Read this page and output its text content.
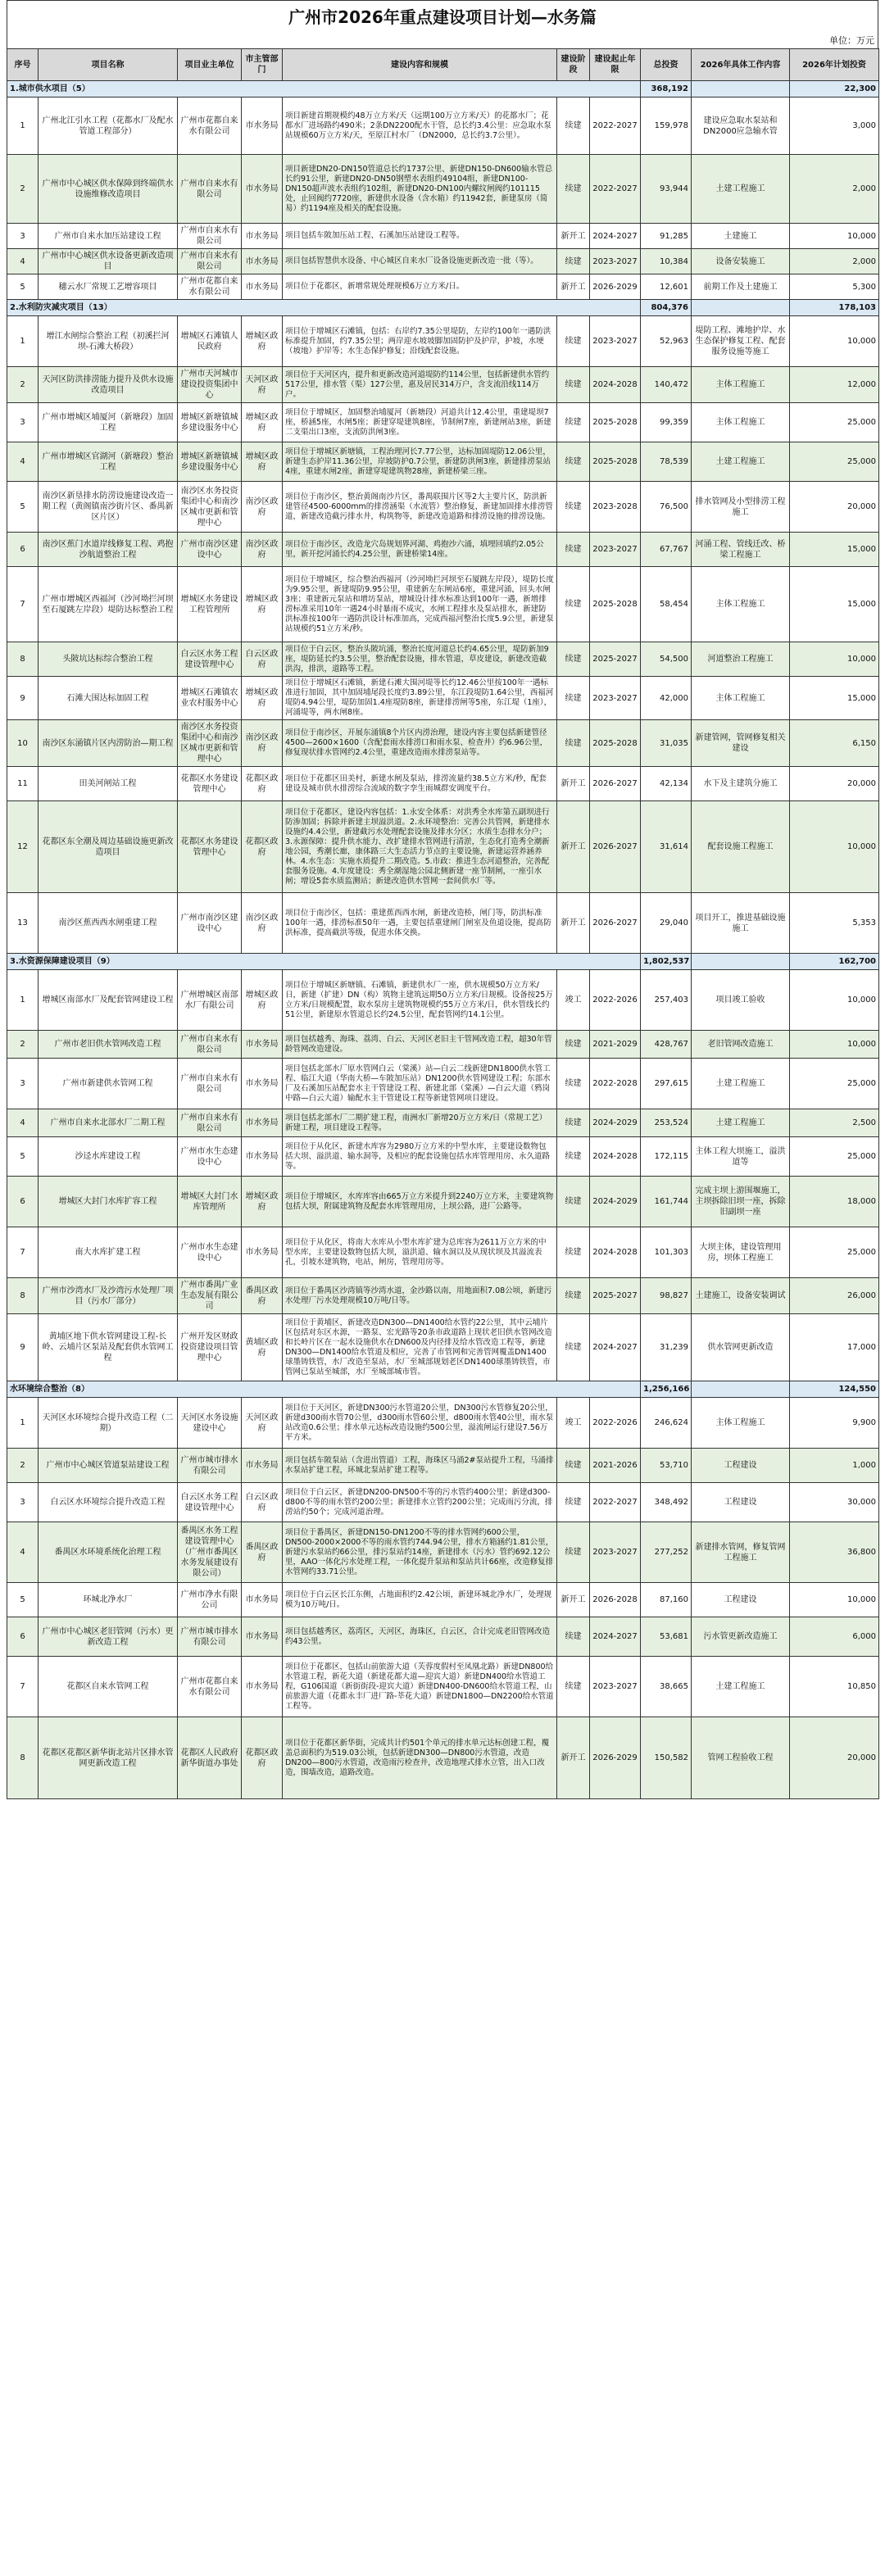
广州市2026年重点建设项目计划—水务篇
单位：万元
序号	项目名称	项目业主单位	市主管部门	建设内容和规模	建设阶段	建设起止年限	总投资	2026年具体工作内容	2026年计划投资
1.城市供水项目（5）							368,192		22,300
1	广州北江引水工程（花都水厂及配水管道工程部分）	广州市花都自来水有限公司	市水务局	项目新建首期规模约48万立方米/天（远期100万立方米/天）的花都水厂；花都水厂进场路约490米；2条DN2200配水干管，总长约3.4公里：应急取水泵站规模60万立方米/天，至原江村水厂（DN2000，总长约3.7公里）。	续建	2022-2027	159,978	建设应急取水泵站和DN2000应急输水管	3,000
2	广州市中心城区供水保障到终端供水设施维修改造项目	广州市自来水有限公司	市水务局	项目新建DN20-DN150管道总长约1737公里、新建DN150-DN600输水管总长约91公里，新建DN20-DN50钢塑水表组约49104组，新建DN100-DN150超声波水表组约102组，新建DN20-DN100内螺纹闸阀约101115处，止回阀约7720座，新建供水设备（含水箱）约11942套，新建泵房（简易）约1194座及相关的配套设施。	续建	2022-2027	93,944	土建工程施工	2,000
3	广州市自来水加压站建设工程	广州市自来水有限公司	市水务局	项目包括车陂加压站工程、石溪加压站建设工程等。	新开工	2024-2027	91,285	土建施工	10,000
4	广州市中心城区供水设备更新改造项目	广州市自来水有限公司	市水务局	项目包括智慧供水设备、中心城区自来水厂设备设施更新改造一批（等）。	续建	2023-2027	10,384	设备安装施工	2,000
5	穗云水厂常规工艺增容项目	广州市花都自来水有限公司	市水务局	项目位于花都区，新增常规处理规模6万立方米/日。	新开工	2026-2029	12,601	前期工作及土建施工	5,300
2.水利防灾减灾项目（13）							804,376		178,103
1	增江水闸综合整治工程（初溪拦河坝-石滩大桥段）	增城区石滩镇人民政府	增城区政府	项目位于增城区石滩镇，包括：右岸约7.35公里堤防，左岸约100年一遇防洪标准提升加固，约7.35公里；两岸迎水坡坡脚加固防护及护岸，护坡，水埂（坡地）护岸等；水生态保护修复；沿线配套设施。	续建	2023-2027	52,963	堤防工程、滩地护岸、水生态保护修复工程、配套服务设施等施工	10,000
2	天河区防洪排涝能力提升及供水设施改造项目	广州市天河城市建设投资集团中心	天河区政府	项目位于天河区内，提升和更新改造河道堤防约114公里，包括新建供水管约517公里，排水管（渠）127公里，惠及居民314万户，含支流沿线114万户。	续建	2024-2028	140,472	主体工程施工	12,000
3	广州市增城区埔厦河（新塘段）加固工程	增城区新塘镇城乡建设服务中心	增城区政府	项目位于增城区，加固整治埔厦河（新塘段）河道共计12.4公里，重建堤坝7座，桥涵5座，水闸5座；新建穿堤建筑8座，节制闸7座，新建闸站3座，新建二支渠出口3座，支流防洪闸3座。	续建	2025-2028	99,359	主体工程施工	25,000
4	广州市增城区官湖河（新塘段）整治工程	增城区新塘镇城乡建设服务中心	增城区政府	项目位于增城区新塘镇，工程治理河长7.77公里，达标加固堤防12.06公里，新建生态护岸11.36公里，岸坡防护0.7公里，新建防洪闸3座，新建排涝泵站4座，重建水闸2座，新建穿堤建筑物28座，新建桥梁三座。	续建	2025-2028	78,539	土建工程施工	25,000
5	南沙区新垦排水防涝设施建设改造一期工程（黄阁镇南沙街片区、番禺新区片区）	南沙区水务投资集团中心和南沙区城市更新和管理中心	南沙区政府	项目位于南沙区，整治黄阁南沙片区，番禺联围片区等2大主要片区，防洪新建管径4500-6000mm的排涝涵渠（水流管）整治修复，新建加固排水排涝管道，新建改造截污排水井，构筑物等，新建改造道路和排涝设施的排涝设施。	续建	2023-2028	76,500	排水管网及小型排涝工程施工	20,000
6	南沙区蕉门水道岸线修复工程、鸡抱沙航道整治工程	广州市南沙区建设中心	南沙区政府	项目位于南沙区，改造龙穴岛规划界河湖、鸡抱沙六涌，填埋回填约2.05公里，新开挖河涌长约4.25公里，新建桥梁14座。	续建	2023-2027	67,767	河涌工程、管线迁改、桥梁工程施工	15,000
7	广州市增城区西福河（沙河坳拦河坝至石厦跳左岸段）堤防达标整治工程	增城区水务建设工程管理所	增城区政府	项目位于增城区，综合整治西福河（沙河坳拦河坝至石厦跳左岸段），堤防长度为9.95公里，新建堤防9.95公里，重建新左东闸站6座，重建河涌，回头水闸3座；重建新元泵站和增坊泵站，增城设计排水标准达到100年一遇，新增排涝标准采用10年一遇24小时暴雨不成灾，水闸工程排水及泵站排水，新建防洪标准按100年一遇防洪设计标准加高，完成西福河整治长度5.9公里，新建泵站规模约51立方米/秒。	续建	2025-2028	58,454	主体工程施工	15,000
8	头陂坑达标综合整治工程	白云区水务工程建设管理中心	白云区政府	项目位于白云区，整治头陂坑涌，整治长度河道总长约4.65公里，堤防新加9座，堤防延长约3.5公里，整治配套设施，排水管道，草皮建设，新建改造截洪沟，排洪，道路等工程。	续建	2025-2027	54,500	河道整治工程施工	10,000
9	石滩大围达标加固工程	增城区石滩镇农业农村服务中心	增城区政府	项目位于增城区石滩镇，新建石滩大围河堤等长约12.46公里按100年一遇标准进行加固，其中加固埔尾段长度约3.89公里，东江段堤防1.64公里，西福河堤防4.94公里，堤防加固1.4座堤防8座，新建排涝闸等5座，东江堤（1座），河涌堤等，两水闸8座。	续建	2023-2027	42,000	主体工程施工	15,000
10	南沙区东涌镇片区内涝防治—期工程	南沙区水务投资集团中心和南沙区城市更新和管理中心	南沙区政府	项目位于南沙区，开展东涌镇8个片区内涝治理，建设内容主要包括新建管径4500—2600×1600（含配套雨水排涝口和雨水泵、检查井）约6.96公里，修复现状排水管网约2.4公里，重建改造雨水排涝泵站等。	续建	2025-2028	31,035	新建管网，管网修复相关建设	6,150
11	田美河闸站工程	花都区水务建设管理中心	花都区政府	项目位于花都区田美村，新建水闸及泵站，排涝流量约38.5立方米/秒，配套建设及城市供水排涝综合流域的数字孪生雨城群安调度平台。	新开工	2026-2027	42,134	水下及主建筑分施工	20,000
12	花都区东全潮及周边基础设施更新改造项目	花都区水务建设管理中心	花都区政府	项目位于花都区，建设内容包括：1.永安全体系：对洪秀全水库第五副坝进行防渗加固；拆除并新建主坝溢洪道。2.永环境整治：完善公共管网，新建排水设施约4.4公里，新建截污水处理配套设施及排水分区；水质生态排水分户；3.永源保障：提升供水能力、改扩建排水管网进行清淤，生态化打造秀全潮新地公园，秀潮长廊，康体路三大生态活力节点的主要设施，新建运营养涵养林。4.水生态：实施水质提升二期改造。5.市政：推进生态河道整治，完善配套服务设施。4.年度建设：秀全潮湿地公园北侧新建一座节制闸，一座引水闸；增设5套水质监测站；新建改造供水管网一套间供水厂等。	新开工	2026-2027	31,614	配套设施工程施工	10,000
13	南沙区蕉西西水闸重建工程	广州市南沙区建设中心	南沙区政府	项目位于南沙区，包括：重建蕉西西水闸，新建改造桥，闸门等，防洪标准100年一遇，排涝标准50年一遇，主要包括重建闸门闸室及鱼道设施，提高防洪标准，提高截洪等级，促进水体交换。	新开工	2026-2027	29,040	项目开工，推进基础设施施工	5,353
3.水资源保障建设项目（9）							1,802,537		162,700
1	增城区南部水厂及配套管网建设工程	广州增城区南部水厂有限公司	增城区政府	项目位于增城区新塘镇、石滩镇，新建供水厂一座，供水规模50万立方米/日，新建（扩建）DN（构）筑物主建筑远期50万立方米/日规模。设备按25万立方米/日规模配置，取水泵房主建筑物规模约55万立方米/日，供水管线长约51公里，新建原水管道总长约24.5公里，配套管网约14.1公里。	竣工	2022-2026	257,403	项目竣工验收	10,000
2	广州市老旧供水管网改造工程	广州市自来水有限公司	市水务局	项目包括越秀、海珠、荔湾、白云、天河区老旧主干管网改造工程，超30年管龄管网改造建设。	续建	2021-2029	428,767	老旧管网改造施工	10,000
3	广州市新建供水管网工程	广州市自来水有限公司	市水务局	项目包括北部水厂原水管网白云（棠溪）站—白云二线新建DN1800供水管工程、临江大道（华南大桥—车陂加压站）DN1200供水管网建设工程；东部水厂及石溪加压站配套水主干管建设工程、新建北部（棠溪）—白云大道（鸦岗中路—白云大道）输配水主干管建设工程等新建管网项目建设。	续建	2022-2028	297,615	土建工程施工	25,000
4	广州市自来水北部水厂二期工程	广州市自来水有限公司	市水务局	项目包括北部水厂二期扩建工程，南洲水厂新增20万立方米/日（常规工艺）新建工程，项目建设工程等。	续建	2024-2029	253,524	土建工程施工	2,500
5	沙迳水库建设工程	广州市水生态建设中心	市水务局	项目位于从化区，新建水库容为2980万立方米的中型水库，主要建设数物包括大坝、溢洪道、输水洞等，及相应的配套设施包括水库管理用房、永久道路等。	续建	2024-2028	172,115	主体工程大坝施工，溢洪道等	25,000
6	增城区大封门水库扩容工程	增城区大封门水库管理所	增城区政府	项目位于增城区，水库库容由665万立方米提升到2240万立方米，主要建筑物包括大坝，附属建筑物及配套水库管理用房，上坝公路，进厂公路等。	续建	2024-2029	161,744	完成主坝上游围堰施工，主坝拆除旧坝一座，拆除旧副坝一座	18,000
7	南大水库扩建工程	广州市水生态建设中心	市水务局	项目位于从化区，将南大水库从小型水库扩建为总库容为2611万立方米的中型水库，主要建设数物包括大坝，溢洪道、输水洞以及从现状坝及其溢流表孔，引坡水建筑物，电站，闸房，管理用房等。	续建	2024-2028	101,303	大坝主体，建设管理用房，坝体工程施工	25,000
8	广州市沙湾水厂及沙湾污水处理厂项目（污水厂部分）	广州市番禺广业生态发展有限公司	番禺区政府	项目位于番禺区沙湾镇等沙湾水道，金沙路以南，用地面积7.08公顷，新建污水处理厂污水处理规模10万吨/日等。	续建	2025-2027	98,827	土建施工，设备安装调试	26,000
9	黄埔区地下供水管网建设工程-长岭、云埔片区泵站及配套供水管网工程	广州开发区财政投资建设项目管理中心	黄埔区政府	项目位于黄埔区，新建改造DN300—DN1400给水管约22公里，其中云埔片区包括对东区水源，一路泵、宏光路等20条市政道路上现状老旧供水管网改造和长岭片区在一起水设施供水在DN600及内径排及给水管改造工程等，新建DN300—DN1400给水管道及相应，完善了市管网和完善管网覆盖DN1400球墨铸铁管，水厂改造至泵站，水厂至城部规划老区DN1400球墨铸铁管，市管网已泵站至城部，水厂至城部城市管。	续建	2024-2027	31,239	供水管网更新改造	17,000
水环境综合整治（8）							1,256,166		124,550
1	天河区水环境综合提升改造工程（二期）	天河区水务设施建设中心	天河区政府	项目位于天河区，新建DN300污水管道20公里，DN300污水管修复20公里，新建d300雨水管70公里，d300雨水管60公里，d800雨水管40公里，雨水泵站改造0.6公里；排水单元达标改造设施约500公里，溢流闸运行建设7.56万平方米。	竣工	2022-2026	246,624	主体工程施工	9,900
2	广州市中心城区管道泵站建设工程	广州市城市排水有限公司	市水务局	项目包括车陂泵站（含进出管道）工程，海珠区马涌2#泵站提升工程，马涌排水泵站扩建工程，环城北泵站扩建工程等。	续建	2021-2026	53,710	工程建设	1,000
3	白云区水环境综合提升改造工程	白云区水务工程建设管理中心	白云区政府	项目位于白云区，新建DN200-DN500不等的污水管约400公里；新建d300-d800不等的雨水管约200公里；新建排水立管约200公里；完成雨污分流，排涝站约50个；完成河道治理。	续建	2022-2027	348,492	工程建设	30,000
4	番禺区水环境系统化治理工程	番禺区水务工程建设管理中心（广州市番禺区水务发展建设有限公司）	番禺区政府	项目位于番禺区，新建DN150-DN1200不等的排水管网约600公里，DN500-2000×2000不等的雨水管约744.94公里，排水方箱涵约1.81公里，新建污水泵站约66公里，排污泵站约14座，新建排水（污水）管约692.12公里，AAO一体化污水处理工程，一体化提升泵站和泵站共计66座，改造修复排水管网约33.71公里。	续建	2023-2027	277,252	新建排水管网，修复管网工程施工	36,800
5	环城北净水厂	广州市净水有限公司	市水务局	项目位于白云区长江东侧，占地面积约2.42公顷，新建环城北净水厂，处理规模为10万吨/日。	新开工	2026-2028	87,160	工程建设	10,000
6	广州市中心城区老旧管网（污水）更新改造工程	广州市城市排水有限公司	市水务局	项目包括越秀区，荔湾区，天河区，海珠区，白云区，合计完成老旧管网改造约43公里。	续建	2024-2027	53,681	污水管更新改造施工	6,000
7	花都区自来水管网工程	广州市花都自来水有限公司	市水务局	项目位于花都区，包括山前旅游大道（芙蓉度假村至凤凰北路）新建DN800给水管道工程，新花大道（新建花都大道—迎宾大道）新建DN400给水管道工程，G106国道（新街街段-迎宾大道）新建DN400-DN600给水管道工程，山前旅游大道（花都永丰厂进厂路-莘花大道）新建DN1800—DN2200给水管道工程等。	续建	2023-2027	38,665	土建工程施工	10,850
8	花都区花都区新华街北站片区排水管网更新改造工程	花都区人民政府新华街道办事处	花都区政府	项目位于花都区新华街，完成共计约501个单元的排水单元达标创建工程，覆盖总面积约为519.03公顷，包括新建DN300—DN800污水管道，改造DN200—800污水管道，改造雨污检查井，改造地埋式排水立管，出入口改造，围墙改造，道路改造。	新开工	2026-2029	150,582	管网工程验收工程	20,000
